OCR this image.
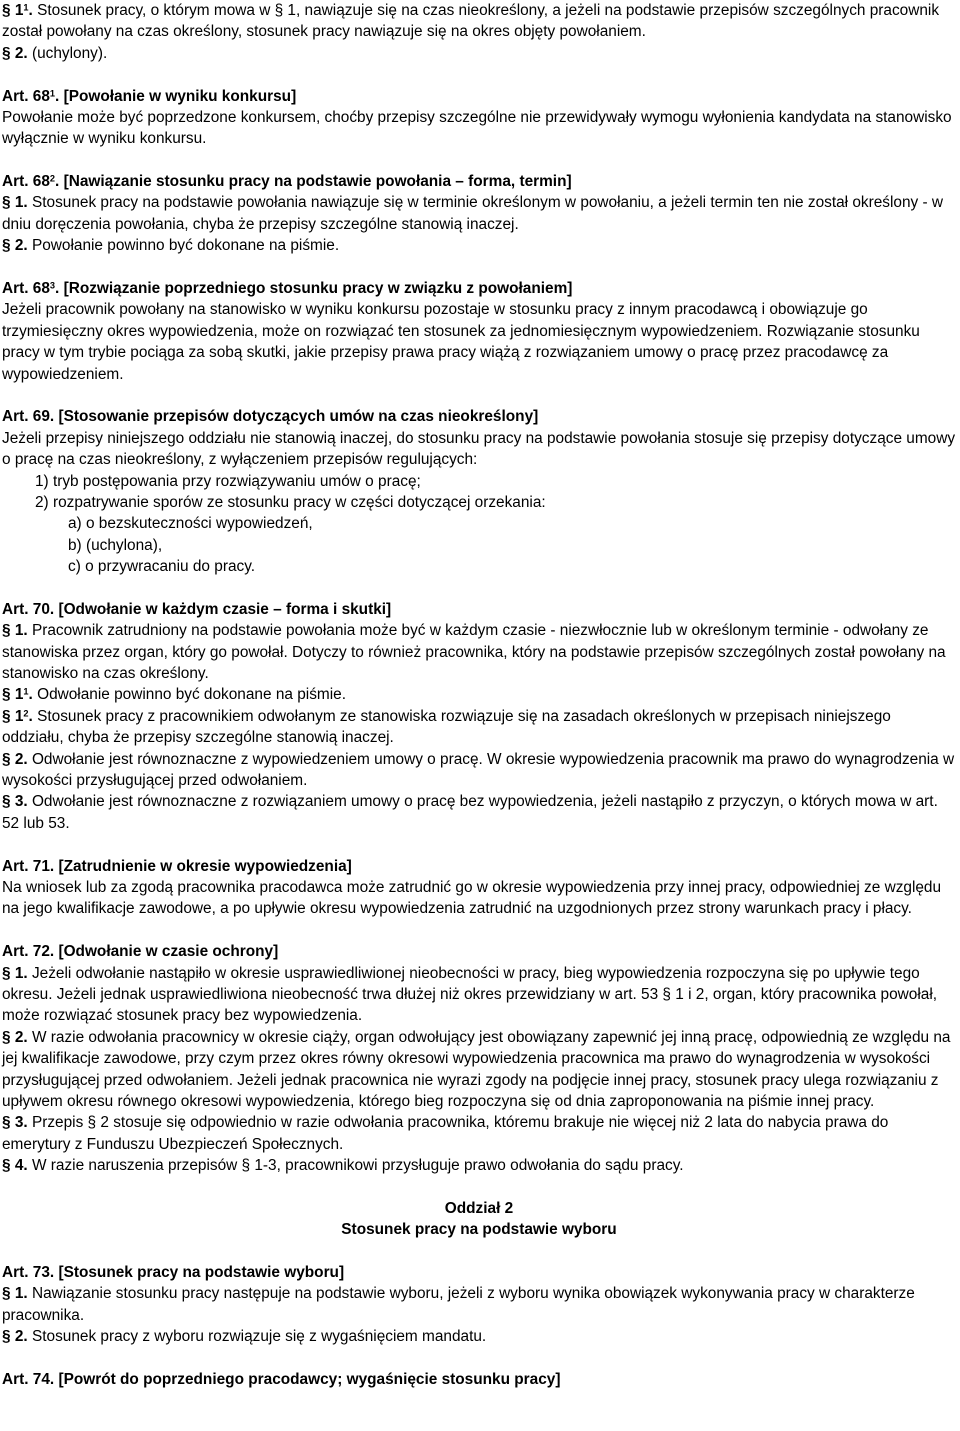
§ $1^1$. Stosunek pracy, o którym mowa w § 1, nawiązuje się na czas nieokreślony, a jeżeli na podstawie przepisów szczególnych pracownik został powołany na czas określony, stosunek pracy nawiązuje się na okres objęty powołaniem.

§ 2. (uchylony).

Art. $68^1$. [Powołanie w wyniku konkursu]

Powołanie może być poprzedzone konkursem, choćby przepisy szczególne nie przewidywały wymogu wyłonienia kandydata na stanowisko wyłącznie w wyniku konkursu.

Art. $68^2$. [Nawiązanie stosunku pracy na podstawie powołania – forma, termin]

§ 1. Stosunek pracy na podstawie powołania nawiązuje się w terminie określonym w powołaniu, a jeżeli termin ten nie został określony - w dniu doręczenia powołania, chyba że przepisy szczególne stanowią inaczej.

§ 2. Powołanie powinno być dokonane na piśmie.

Art. $68^3$. [Rozwiązanie poprzedniego stosunku pracy w związku z powołaniem]

Jeżeli pracownik powołany na stanowisko w wyniku konkursu pozostaje w stosunku pracy z innym pracodawcą i obowiązuje go trzymiesięczny okres wypowiedzenia, może on rozwiązać ten stosunek za jednomiesięcznym wypowiedzeniem. Rozwiązanie stosunku pracy w tym trybie pociąga za sobą skutki, jakie przepisy prawa pracy wiążą z rozwiązaniem umowy o pracę przez pracodawcę za wypowiedzeniem.

Art. 69. [Stosowanie przepisów dotyczących umów na czas nieokreślony]

Jeżeli przepisy niniejszego oddziału nie stanowią inaczej, do stosunku pracy na podstawie powołania stosuje się przepisy dotyczące umowy o pracę na czas nieokreślony, z wyłączeniem przepisów regulujących:

1) tryb postępowania przy rozwiązywaniu umów o pracę;

2) rozpatrywanie sporów ze stosunku pracy w części dotyczącej orzekania:

a) o bezskuteczności wypowiedzeń,

b) (uchylona),

c) o przywracaniu do pracy.

Art. 70. [Odwołanie w każdym czasie – forma i skutki]

§ 1. Pracownik zatrudniony na podstawie powołania może być w każdym czasie - niezwłocznie lub w określonym terminie - odwołany ze stanowiska przez organ, który go powołał. Dotyczy to również pracownika, który na podstawie przepisów szczególnych został powołany na stanowisko na czas określony.

§ $1^1$. Odwołanie powinno być dokonane na piśmie.

§ $1^2$. Stosunek pracy z pracownikiem odwołanym ze stanowiska rozwiązuje się na zasadach określonych w przepisach niniejszego oddziału, chyba że przepisy szczególne stanowią inaczej.

§ 2. Odwołanie jest równoznaczne z wypowiedzeniem umowy o pracę. W okresie wypowiedzenia pracownik ma prawo do wynagrodzenia w wysokości przysługującej przed odwołaniem.

§ 3. Odwołanie jest równoznaczne z rozwiązaniem umowy o pracę bez wypowiedzenia, jeżeli nastąpiło z przyczyn, o których mowa w art. 52 lub 53.

Art. 71. [Zatrudnienie w okresie wypowiedzenia]

Na wniosek lub za zgodą pracownika pracodawca może zatrudnić go w okresie wypowiedzenia przy innej pracy, odpowiedniej ze względu na jego kwalifikacje zawodowe, a po upływie okresu wypowiedzenia zatrudnić na uzgodnionych przez strony warunkach pracy i płacy.

Art. 72. [Odwołanie w czasie ochrony]

§ 1. Jeżeli odwołanie nastąpiło w okresie usprawiedliwionej nieobecności w pracy, bieg wypowiedzenia rozpoczyna się po upływie tego okresu. Jeżeli jednak usprawiedliwiona nieobecność trwa dłużej niż okres przewidziany w art. 53 § 1 i 2, organ, który pracownika powołał, może rozwiązać stosunek pracy bez wypowiedzenia.

§ 2. W razie odwołania pracownicy w okresie ciąży, organ odwołujący jest obowiązany zapewnić jej inną pracę, odpowiednią ze względu na jej kwalifikacje zawodowe, przy czym przez okres równy okresowi wypowiedzenia pracownica ma prawo do wynagrodzenia w wysokości przysługującej przed odwołaniem. Jeżeli jednak pracownica nie wyrazi zgody na podjęcie innej pracy, stosunek pracy ulega rozwiązaniu z upływem okresu równego okresowi wypowiedzenia, którego bieg rozpoczyna się od dnia zaproponowania na piśmie innej pracy.

§ 3. Przepis § 2 stosuje się odpowiednio w razie odwołania pracownika, któremu brakuje nie więcej niż 2 lata do nabycia prawa do emerytury z Funduszu Ubezpieczeń Społecznych.

§ 4. W razie naruszenia przepisów § 1-3, pracownikowi przysługuje prawo odwołania do sądu pracy.

Oddział 2

Stosunek pracy na podstawie wyboru

Art. 73. [Stosunek pracy na podstawie wyboru]

§ 1. Nawiązanie stosunku pracy następuje na podstawie wyboru, jeżeli z wyboru wynika obowiązek wykonywania pracy w charakterze pracownika.

§ 2. Stosunek pracy z wyboru rozwiązuje się z wygaśnięciem mandatu.

Art. 74. [Powrót do poprzedniego pracodawcy; wygaśnięcie stosunku pracy]
